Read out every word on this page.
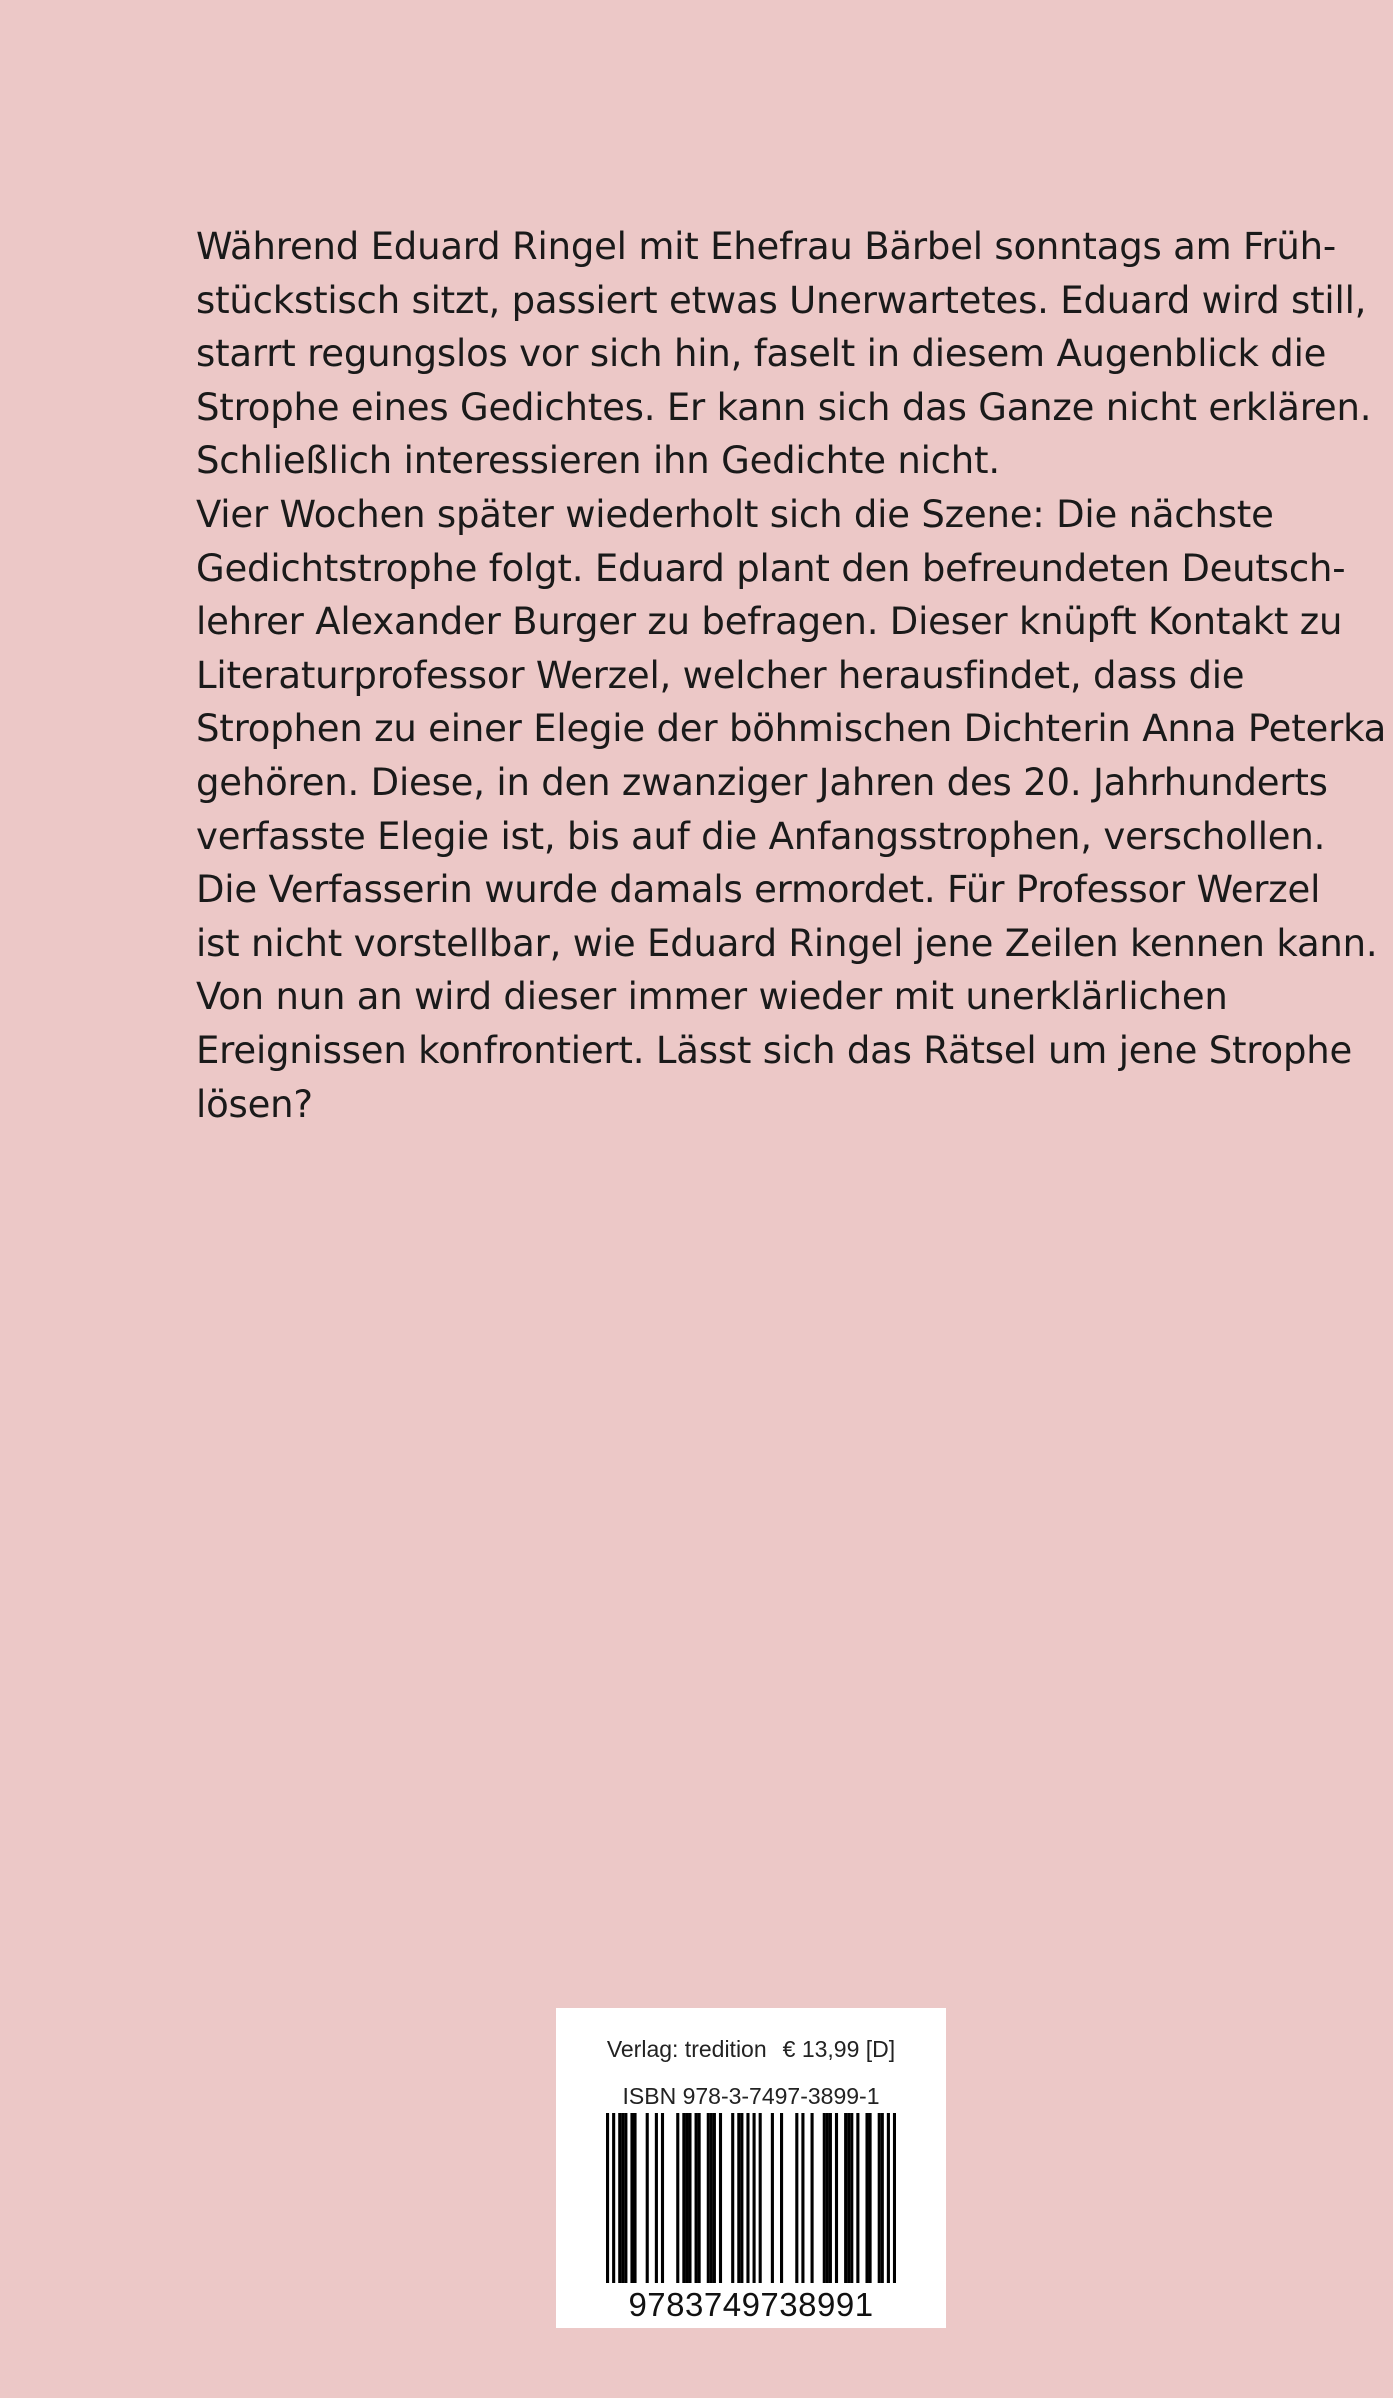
Während Eduard Ringel mit Ehefrau Bärbel sonntags am Früh-
stückstisch sitzt, passiert etwas Unerwartetes. Eduard wird still,
starrt regungslos vor sich hin, faselt in diesem Augenblick die
Strophe eines Gedichtes. Er kann sich das Ganze nicht erklären.
Schließlich interessieren ihn Gedichte nicht.

Vier Wochen später wiederholt sich die Szene: Die nächste
Gedichtstrophe folgt. Eduard plant den befreundeten Deutsch-
lehrer Alexander Burger zu befragen. Dieser knüpft Kontakt zu
Literaturprofessor Werzel, welcher herausfindet, dass die
Strophen zu einer Elegie der böhmischen Dichterin Anna Peterka
gehören. Diese, in den zwanziger Jahren des 20. Jahrhunderts
verfasste Elegie ist, bis auf die Anfangsstrophen, verschollen.
Die Verfasserin wurde damals ermordet. Für Professor Werzel
ist nicht vorstellbar, wie Eduard Ringel jene Zeilen kennen kann.
Von nun an wird dieser immer wieder mit unerklärlichen
Ereignissen konfrontiert. Lässt sich das Rätsel um jene Strophe
lösen?

Verlag: tredition € 13,99 [D]
ISBN 978-3-7497-3899-1
9783749738991
